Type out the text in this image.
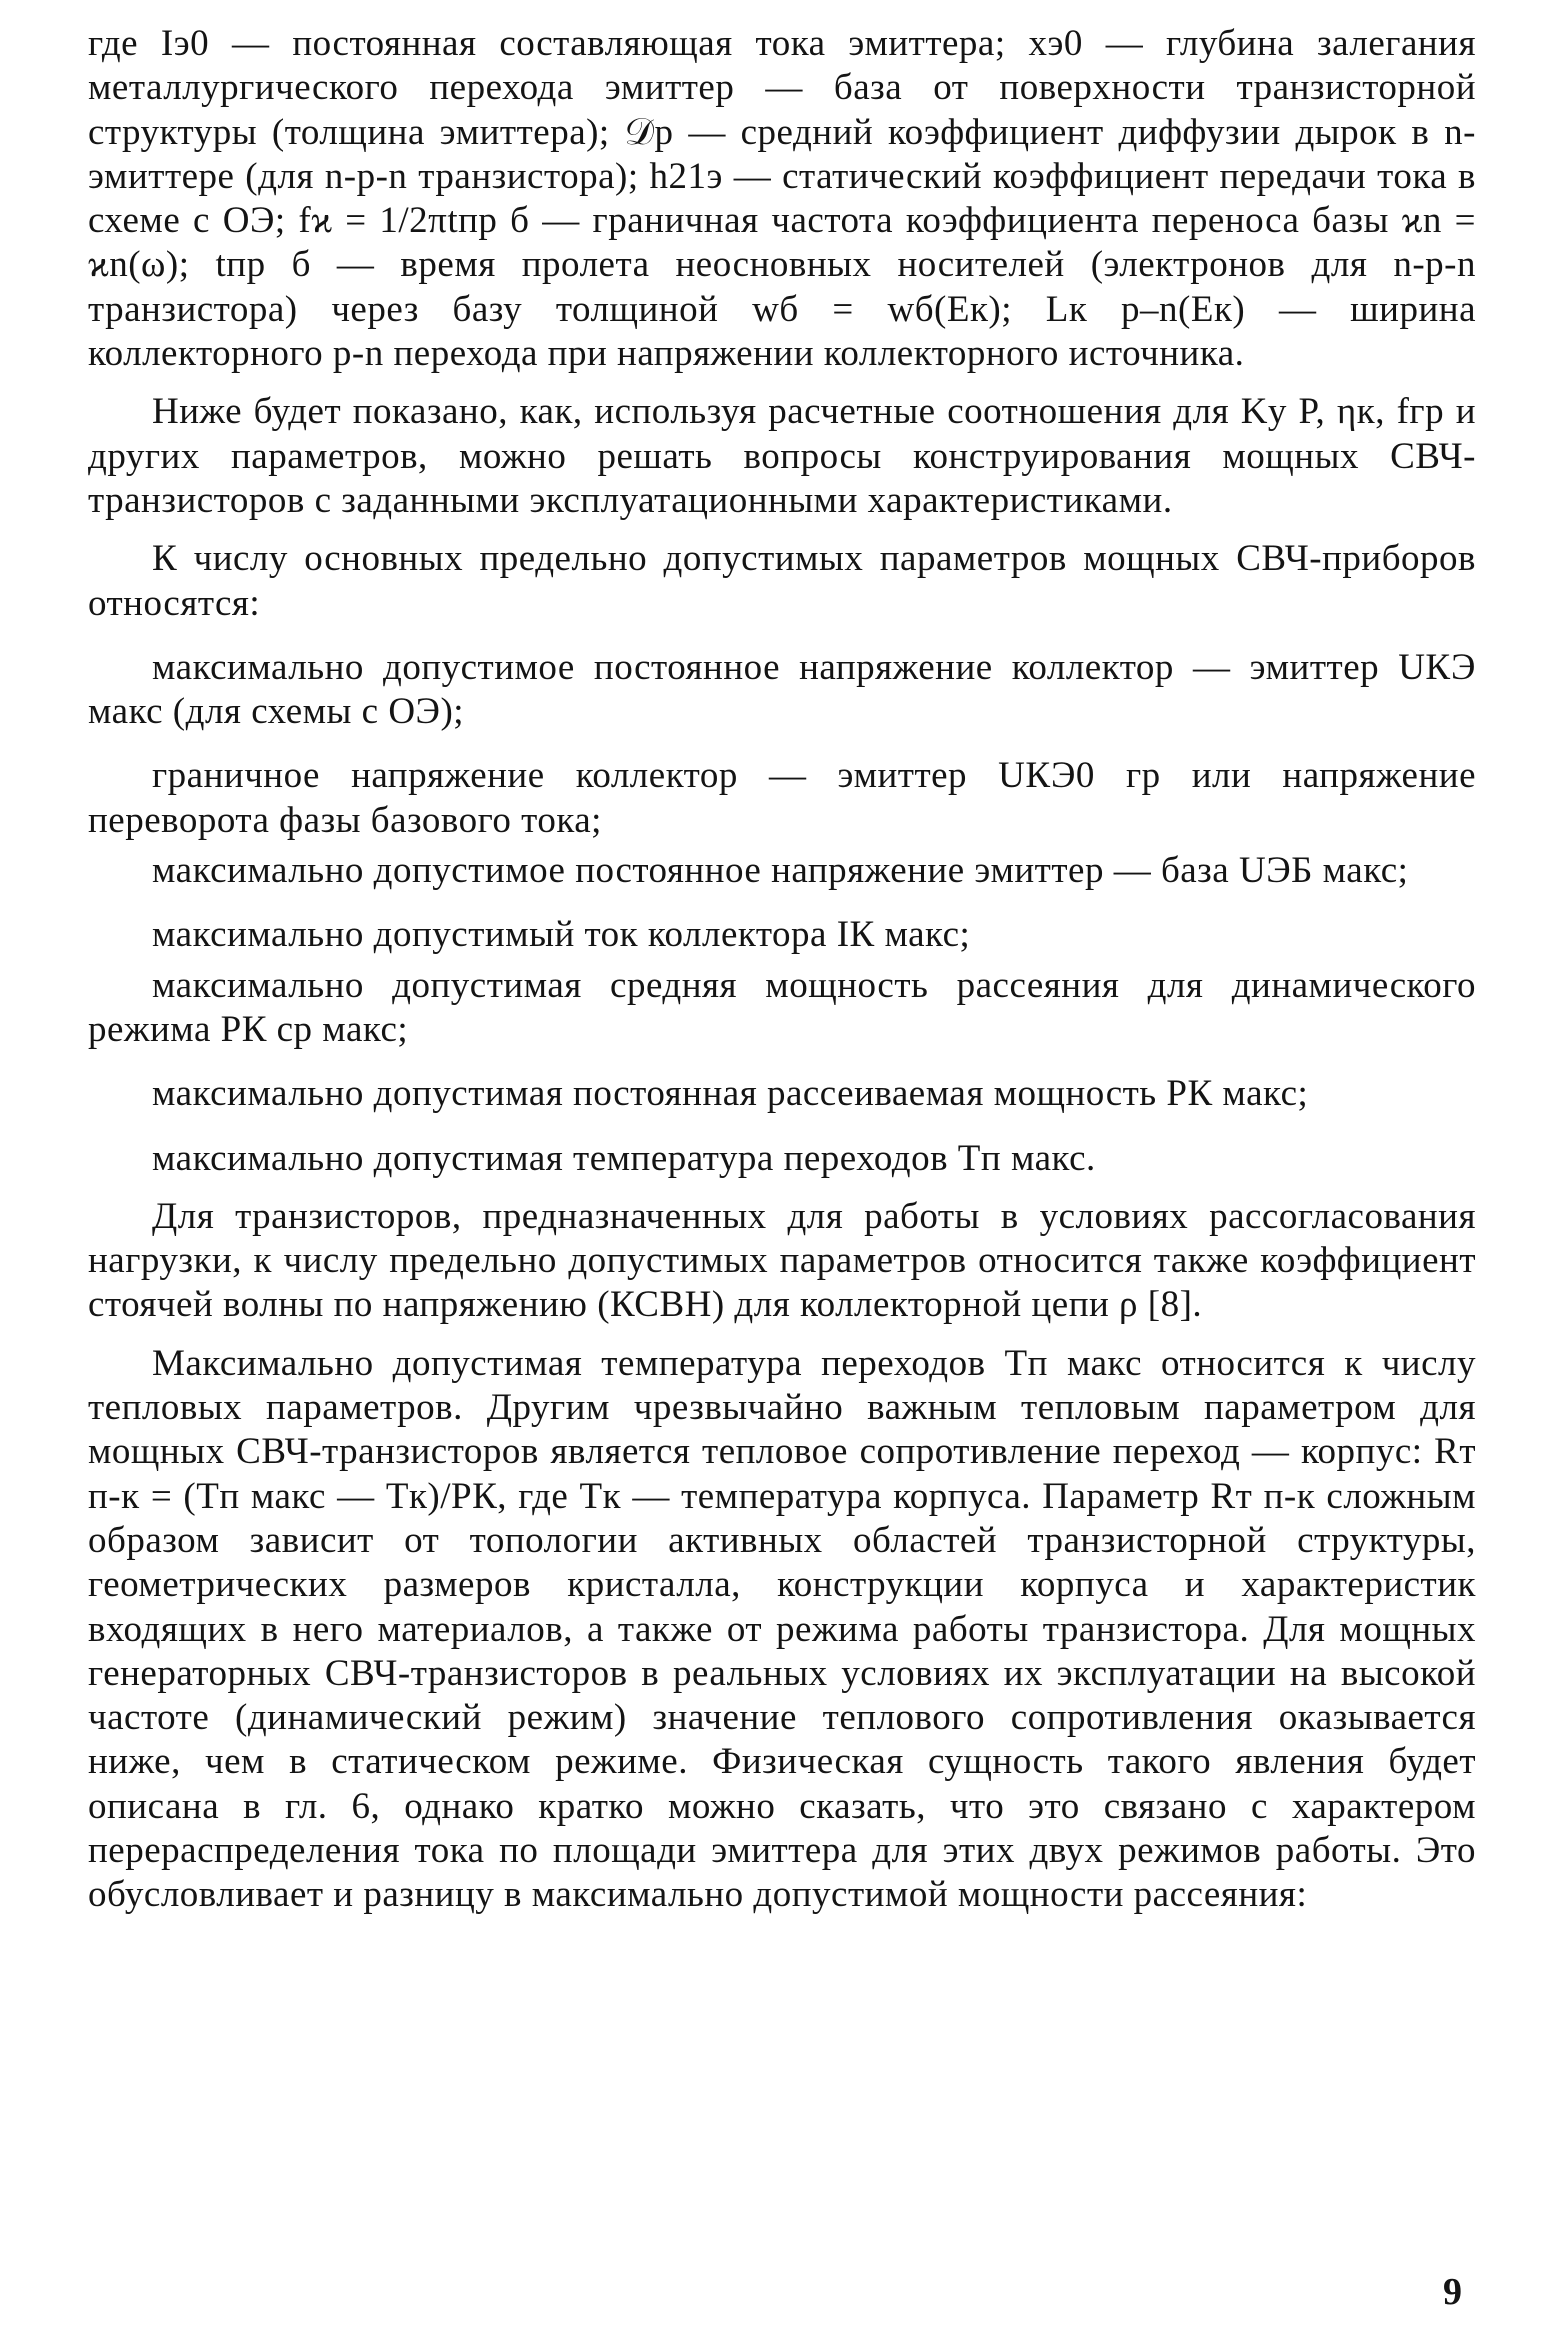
где Iэ0 — постоянная составляющая тока эмиттера; xэ0 — глубина залегания металлургического перехода эмиттер — база от поверхности транзисторной структуры (толщина эмиттера); 𝒟p — средний коэффициент диффузии дырок в n-эмиттере (для n-p-n транзистора); h21э — статический коэффициент передачи тока в схеме с ОЭ; fϰ = 1/2πtпр б — граничная частота коэффициента переноса базы ϰn = ϰn(ω); tпр б — время пролета неосновных носителей (электронов для n-p-n транзистора) через базу толщиной wб = wб(Eк); Lк p–n(Eк) — ширина коллекторного p-n перехода при напряжении коллекторного источника.

Ниже будет показано, как, используя расчетные соотношения для Kу P, ηк, fгр и других параметров, можно решать вопросы конструирования мощных СВЧ-транзисторов с заданными эксплуатационными характеристиками.

К числу основных предельно допустимых параметров мощных СВЧ-приборов относятся:

максимально допустимое постоянное напряжение коллектор — эмиттер UКЭ макс (для схемы с ОЭ);

граничное напряжение коллектор — эмиттер UКЭ0 гр или напряжение переворота фазы базового тока;

максимально допустимое постоянное напряжение эмиттер — база UЭБ макс;

максимально допустимый ток коллектора IК макс;

максимально допустимая средняя мощность рассеяния для динамического режима PК ср макс;

максимально допустимая постоянная рассеиваемая мощность PК макс;

максимально допустимая температура переходов Tп макс.

Для транзисторов, предназначенных для работы в условиях рассогласования нагрузки, к числу предельно допустимых параметров относится также коэффициент стоячей волны по напряжению (КСВН) для коллекторной цепи ρ [8].

Максимально допустимая температура переходов Tп макс относится к числу тепловых параметров. Другим чрезвычайно важным тепловым параметром для мощных СВЧ-транзисторов является тепловое сопротивление переход — корпус: Rт п-к = (Tп макс — Tк)/PК, где Tк — температура корпуса. Параметр Rт п-к сложным образом зависит от топологии активных областей транзисторной структуры, геометрических размеров кристалла, конструкции корпуса и характеристик входящих в него материалов, а также от режима работы транзистора. Для мощных генераторных СВЧ-транзисторов в реальных условиях их эксплуатации на высокой частоте (динамический режим) значение теплового сопротивления оказывается ниже, чем в статическом режиме. Физическая сущность такого явления будет описана в гл. 6, однако кратко можно сказать, что это связано с характером перераспределения тока по площади эмиттера для этих двух режимов работы. Это обусловливает и разницу в максимально допустимой мощности рассеяния:

9
